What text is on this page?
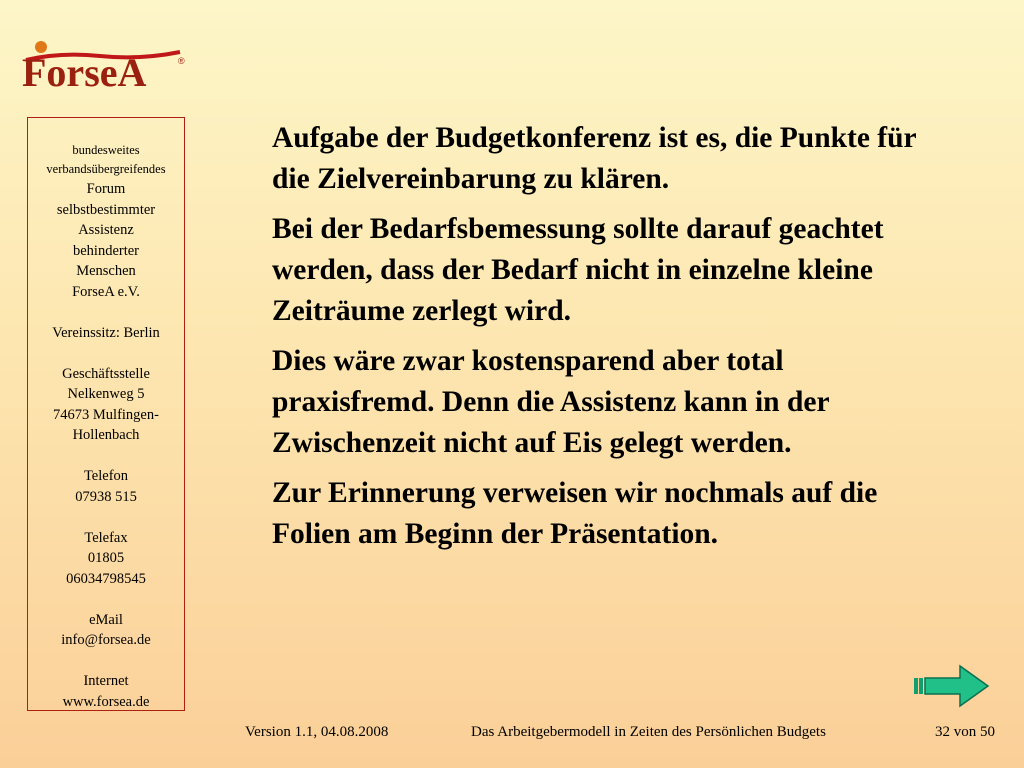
ForseA	®
bundesweites
verbandsübergreifendes
Forum
selbstbestimmter
Assistenz
behinderter
Menschen
ForseA e.V.
Vereinssitz: Berlin
Geschäftsstelle
Nelkenweg 5
74673 Mulfingen-
Hollenbach
Telefon
07938 515
Telefax
01805
06034798545
eMail
info@forsea.de
Internet
www.forsea.de

Aufgabe der Budgetkonferenz ist es, die Punkte für die Zielvereinbarung zu klären.

Bei der Bedarfsbemessung sollte darauf geachtet werden, dass der Bedarf nicht in einzelne kleine Zeiträume zerlegt wird.

Dies wäre zwar kostensparend aber total praxisfremd. Denn die Assistenz kann in der Zwischenzeit nicht auf Eis gelegt werden.

Zur Erinnerung verweisen wir nochmals auf die Folien am Beginn der Präsentation.

Version 1.1, 04.08.2008	Das Arbeitgebermodell in Zeiten des Persönlichen Budgets	32 von 50
